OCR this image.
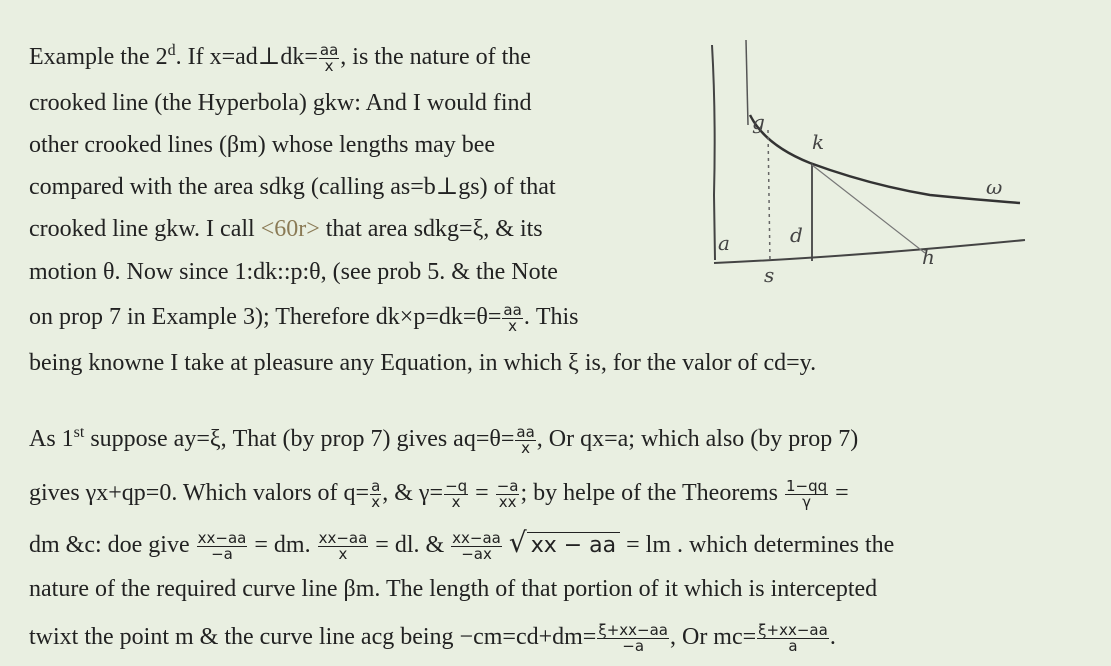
Example the 2$^d$. If x=ad⊥dk= $\frac{aa}{x}$ , is the nature of the
crooked line (the Hyperbola) gkw: And I would find
other crooked lines (βm) whose lengths may bee
compared with the area sdkg (calling as=b⊥gs) of that
crooked line gkw. I call <60r> that area sdkg=ξ, & its
motion θ. Now since 1:dk::p:θ, (see prob 5. & the Note
on prop 7 in Example 3); Therefore $dk\times p=dk=\theta= \frac{aa}{x}$ . This
being knowne I take at pleasure any Equation, in which ξ is, for the valor of cd=y.
As 1st suppose ay=ξ, That (by prop 7) gives $aq=\theta= \frac{aa}{x}$ , Or qx=a; which also (by prop 7)
gives γx+qp=0. Which valors of $q= \frac{a}{x}$ , & $\gamma= \frac{-q}{x} = \frac{-a}{xx}$ ; by helpe of the Theorems $\frac{1-qq}{\gamma}$ =
dm &c: doe give $\frac{xx-aa}{-a}$ = dm. $\frac{xx-aa}{x}$ = dl. & $\frac{xx-aa}{-ax}$ √ xx − aa = lm . which determines the
nature of the required curve line βm. The length of that portion of it which is intercepted
twixt the point m & the curve line acg being $-cm=cd+dm= \frac{\xi+xx-aa}{-a}$ , Or $mc= \frac{\xi+xx-aa}{a}$ .
g
k
ω
a	d
s
h
